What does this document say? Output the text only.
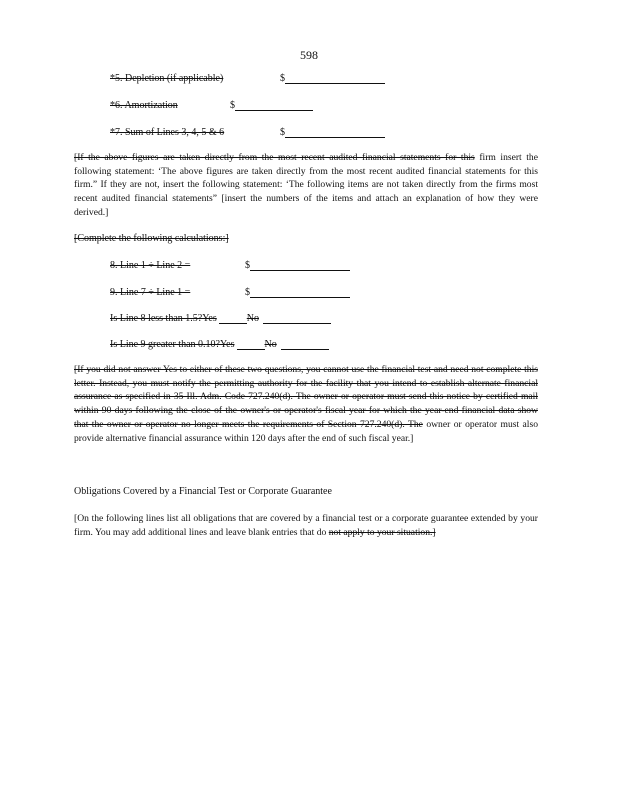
598
*5. Depletion (if applicable)	$
*6. Amortization	$
*7. Sum of Lines 3, 4, 5 & 6	$
[If the above figures are taken directly from the most recent audited financial statements for this firm insert the following statement: ‘The above figures are taken directly from the most recent audited financial statements for this firm.” If they are not, insert the following statement: ‘The following items are not taken directly from the firms most recent audited financial statements” [insert the numbers of the items and attach an explanation of how they were derived.]
[Complete the following calculations:]
8. Line 1 ÷ Line 2 =	$
9. Line 7 ÷ Line 1 =	$
Is Line 8 less than 1.5?Yes	No
Is Line 9 greater than 0.10?Yes	No
[If you did not answer Yes to either of these two questions, you cannot use the financial test and need not complete this letter. Instead, you must notify the permitting authority for the facility that you intend to establish alternate financial assurance as specified in 35 Ill. Adm. Code 727.240(d). The owner or operator must send this notice by certified mail within 90 days following the close of the owner's or operator's fiscal year for which the year-end financial data show that the owner or operator no longer meets the requirements of Section 727.240(d). The owner or operator must also provide alternative financial assurance within 120 days after the end of such fiscal year.]
Obligations Covered by a Financial Test or Corporate Guarantee
[On the following lines list all obligations that are covered by a financial test or a corporate guarantee extended by your firm. You may add additional lines and leave blank entries that do not apply to your situation.]
